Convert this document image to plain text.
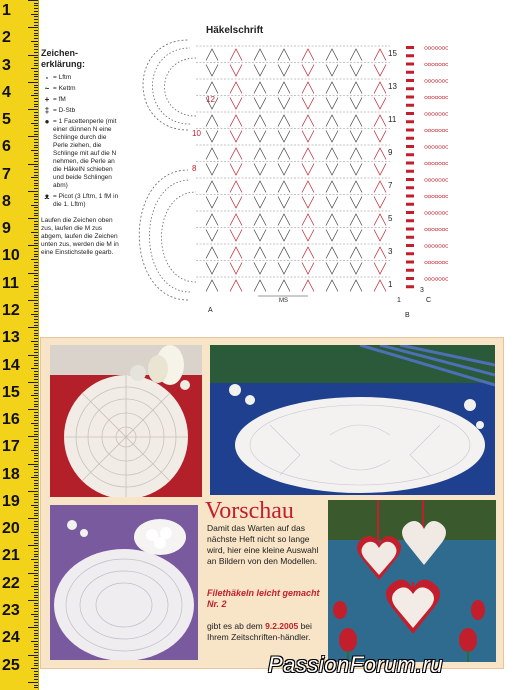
1
2
3
4
5
6
7
8
9
10
11
12
13
14
15
16
17
18
19
20
21
22
23
24
25
Häkelschrift
Zeichen-
erklärung:
- = Lftm
~ = Kettm
+ = fM
‡ = D-Stb
● = 1 Facettenperle (mit einer dünnen N eine Schlinge durch die Perle ziehen, die Schlinge mit auf die N nehmen, die Perle an die HäkelN schieben und beide Schlingen abm)
ᴥ = Picot (3 Lftm, 1 fM in die 1. Lftm)
Laufen die Zeichen oben zus, laufen die M zus abgem, laufen die Zeichen unten zus, werden die M in eine Einstichstelle gearb.
15
13
11
9
7
5
3
1
12
10
8
MS
A
B
C
1
3
Vorschau
Damit das Warten auf das nächste Heft nicht so lange wird, hier eine kleine Auswahl an Bildern von den Modellen.
Filethäkeln leicht gemacht Nr. 2
gibt es ab dem 9.2.2005 bei Ihrem Zeitschriften-händler.
PassionForum.ru
